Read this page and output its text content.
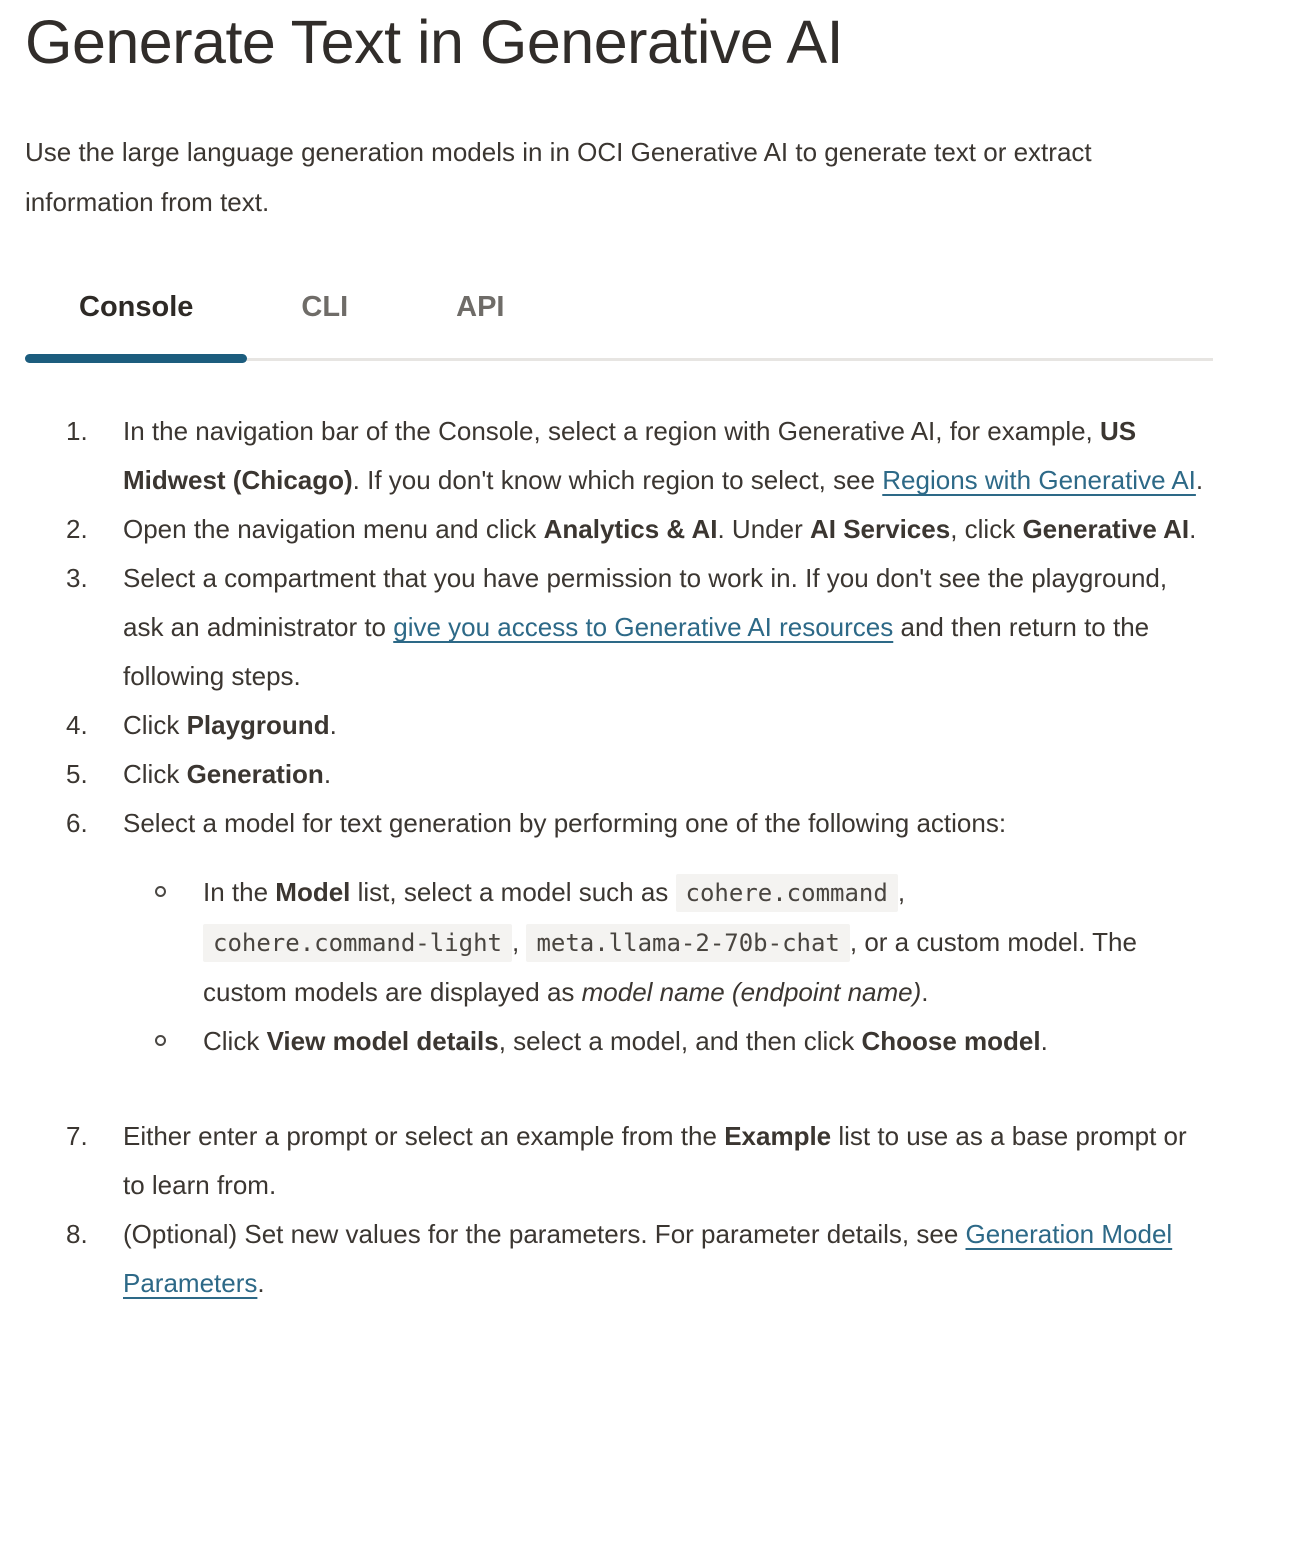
Generate Text in Generative AI

Use the large language generation models in in OCI Generative AI to generate text or extract information from text.

Console	CLI	API
1.	In the navigation bar of the Console, select a region with Generative AI, for example, US Midwest (Chicago). If you don't know which region to select, see Regions with Generative AI.
2.	Open the navigation menu and click Analytics & AI. Under AI Services, click Generative AI.
3.	Select a compartment that you have permission to work in. If you don't see the playground, ask an administrator to give you access to Generative AI resources and then return to the following steps.
4.	Click Playground.
5.	Click Generation.
6.	Select a model for text generation by performing one of the following actions:
In the Model list, select a model such as cohere.command , cohere.command-light , meta.llama-2-70b-chat , or a custom model. The custom models are displayed as model name (endpoint name).
Click View model details, select a model, and then click Choose model.
7.	Either enter a prompt or select an example from the Example list to use as a base prompt or to learn from.
8.	(Optional) Set new values for the parameters. For parameter details, see Generation Model Parameters.
